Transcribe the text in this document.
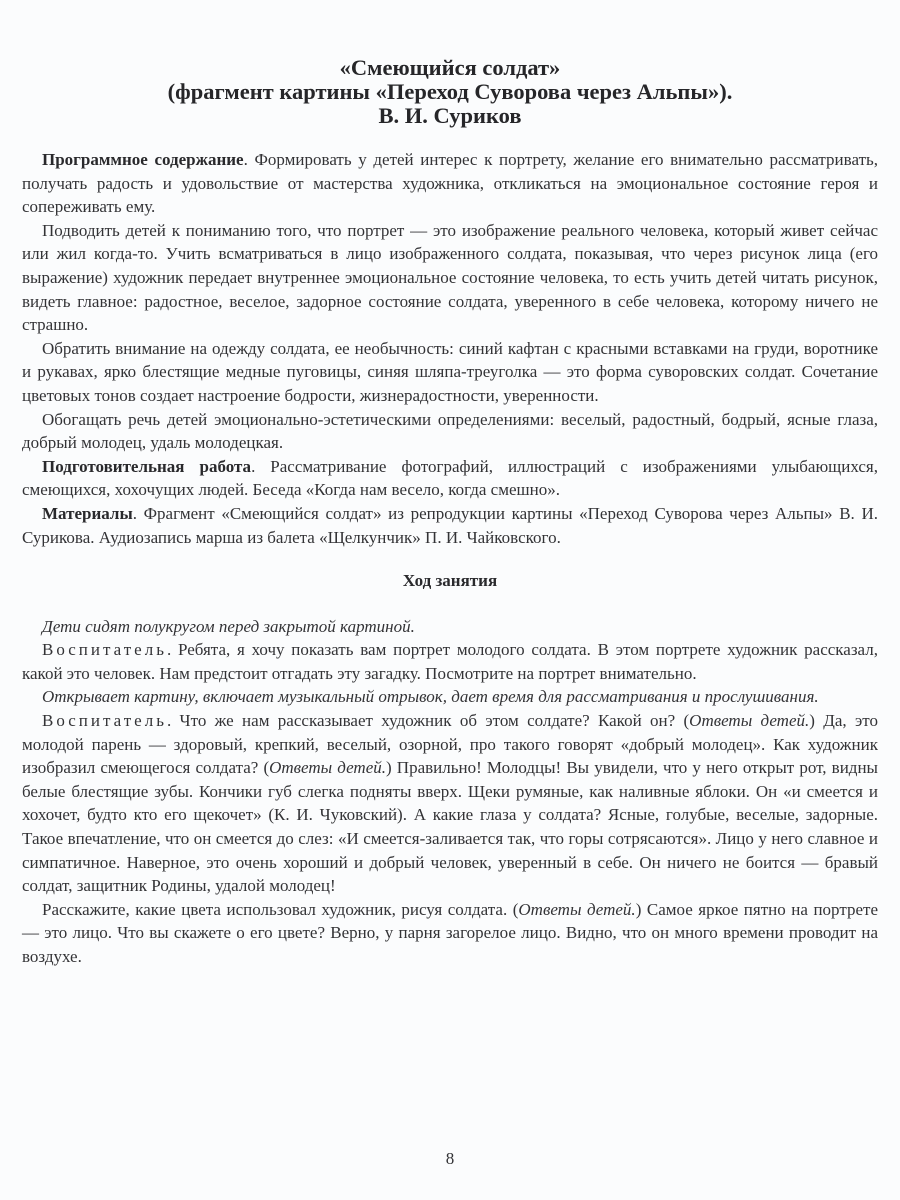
«Смеющийся солдат»
(фрагмент картины «Переход Суворова через Альпы»).
В. И. Суриков

Программное содержание. Формировать у детей интерес к портрету, желание его внимательно рассматривать, получать радость и удовольствие от мастерства художника, откликаться на эмоциональное состояние героя и сопереживать ему.

Подводить детей к пониманию того, что портрет — это изображение реального человека, который живет сейчас или жил когда-то. Учить всматриваться в лицо изображенного солдата, показывая, что через рисунок лица (его выражение) художник передает внутреннее эмоциональное состояние человека, то есть учить детей читать рисунок, видеть главное: радостное, веселое, задорное состояние солдата, уверенного в себе человека, которому ничего не страшно.

Обратить внимание на одежду солдата, ее необычность: синий кафтан с красными вставками на груди, воротнике и рукавах, ярко блестящие медные пуговицы, синяя шляпа-треуголка — это форма суворовских солдат. Сочетание цветовых тонов создает настроение бодрости, жизнерадостности, уверенности.

Обогащать речь детей эмоционально-эстетическими определениями: веселый, радостный, бодрый, ясные глаза, добрый молодец, удаль молодецкая.

Подготовительная работа. Рассматривание фотографий, иллюстраций с изображениями улыбающихся, смеющихся, хохочущих людей. Беседа «Когда нам весело, когда смешно».

Материалы. Фрагмент «Смеющийся солдат» из репродукции картины «Переход Суворова через Альпы» В. И. Сурикова. Аудиозапись марша из балета «Щелкунчик» П. И. Чайковского.

Ход занятия

Дети сидят полукругом перед закрытой картиной.

Воспитатель. Ребята, я хочу показать вам портрет молодого солдата. В этом портрете художник рассказал, какой это человек. Нам предстоит отгадать эту загадку. Посмотрите на портрет внимательно.

Открывает картину, включает музыкальный отрывок, дает время для рассматривания и прослушивания.

Воспитатель. Что же нам рассказывает художник об этом солдате? Какой он? (Ответы детей.) Да, это молодой парень — здоровый, крепкий, веселый, озорной, про такого говорят «добрый молодец». Как художник изобразил смеющегося солдата? (Ответы детей.) Правильно! Молодцы! Вы увидели, что у него открыт рот, видны белые блестящие зубы. Кончики губ слегка подняты вверх. Щеки румяные, как наливные яблоки. Он «и смеется и хохочет, будто кто его щекочет» (К. И. Чуковский). А какие глаза у солдата? Ясные, голубые, веселые, задорные. Такое впечатление, что он смеется до слез: «И смеется-заливается так, что горы сотрясаются». Лицо у него славное и симпатичное. Наверное, это очень хороший и добрый человек, уверенный в себе. Он ничего не боится — бравый солдат, защитник Родины, удалой молодец!

Расскажите, какие цвета использовал художник, рисуя солдата. (Ответы детей.) Самое яркое пятно на портрете — это лицо. Что вы скажете о его цвете? Верно, у парня загорелое лицо. Видно, что он много времени проводит на воздухе.

8
